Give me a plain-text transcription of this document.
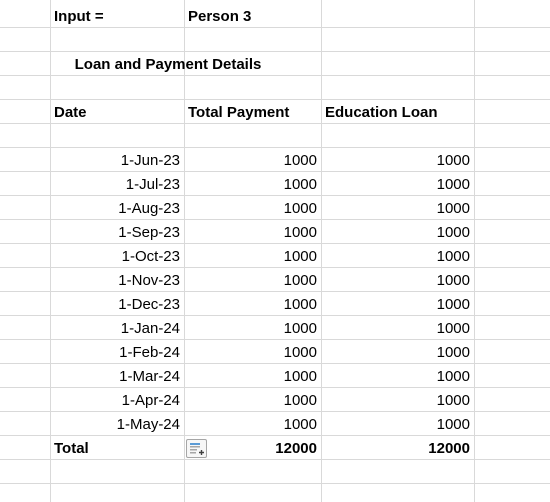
Input =	Person 3
Loan and Payment Details
Date	Total Payment	Education Loan
1-Jun-23	1000	1000
1-Jul-23	1000	1000
1-Aug-23	1000	1000
1-Sep-23	1000	1000
1-Oct-23	1000	1000
1-Nov-23	1000	1000
1-Dec-23	1000	1000
1-Jan-24	1000	1000
1-Feb-24	1000	1000
1-Mar-24	1000	1000
1-Apr-24	1000	1000
1-May-24	1000	1000
Total	12000	12000
